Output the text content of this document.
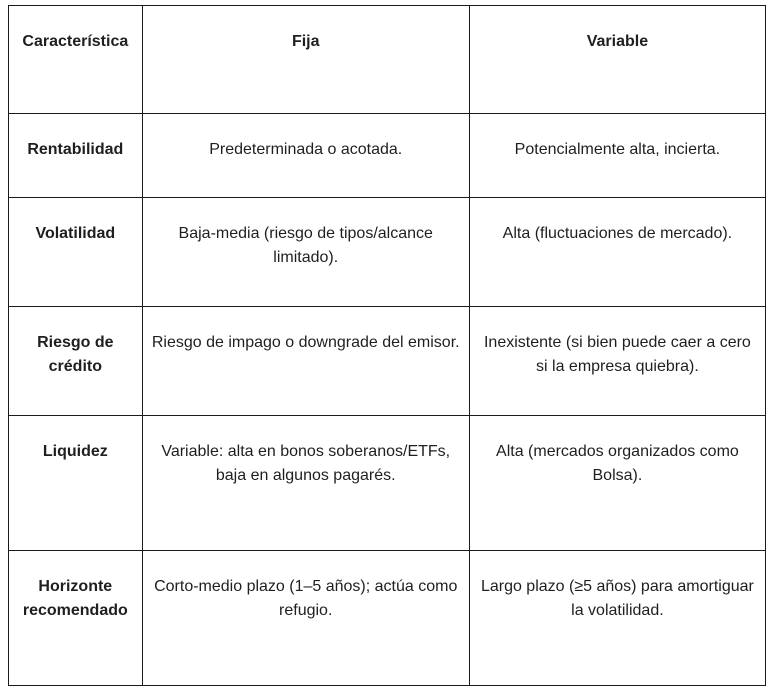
Característica	Fija	Variable

Rentabilidad	Predeterminada o acotada.	Potencialmente alta, incierta.

Volatilidad	Baja-media (riesgo de tipos/alcance limitado).	Alta (fluctuaciones de mercado).

Riesgo de crédito	Riesgo de impago o downgrade del emisor.	Inexistente (si bien puede caer a cero si la empresa quiebra).

Liquidez	Variable: alta en bonos soberanos/ETFs, baja en algunos pagarés.	Alta (mercados organizados como Bolsa).

Horizonte recomendado	Corto-medio plazo (1–5 años); actúa como refugio.	Largo plazo (≥5 años) para amortiguar la volatilidad.
